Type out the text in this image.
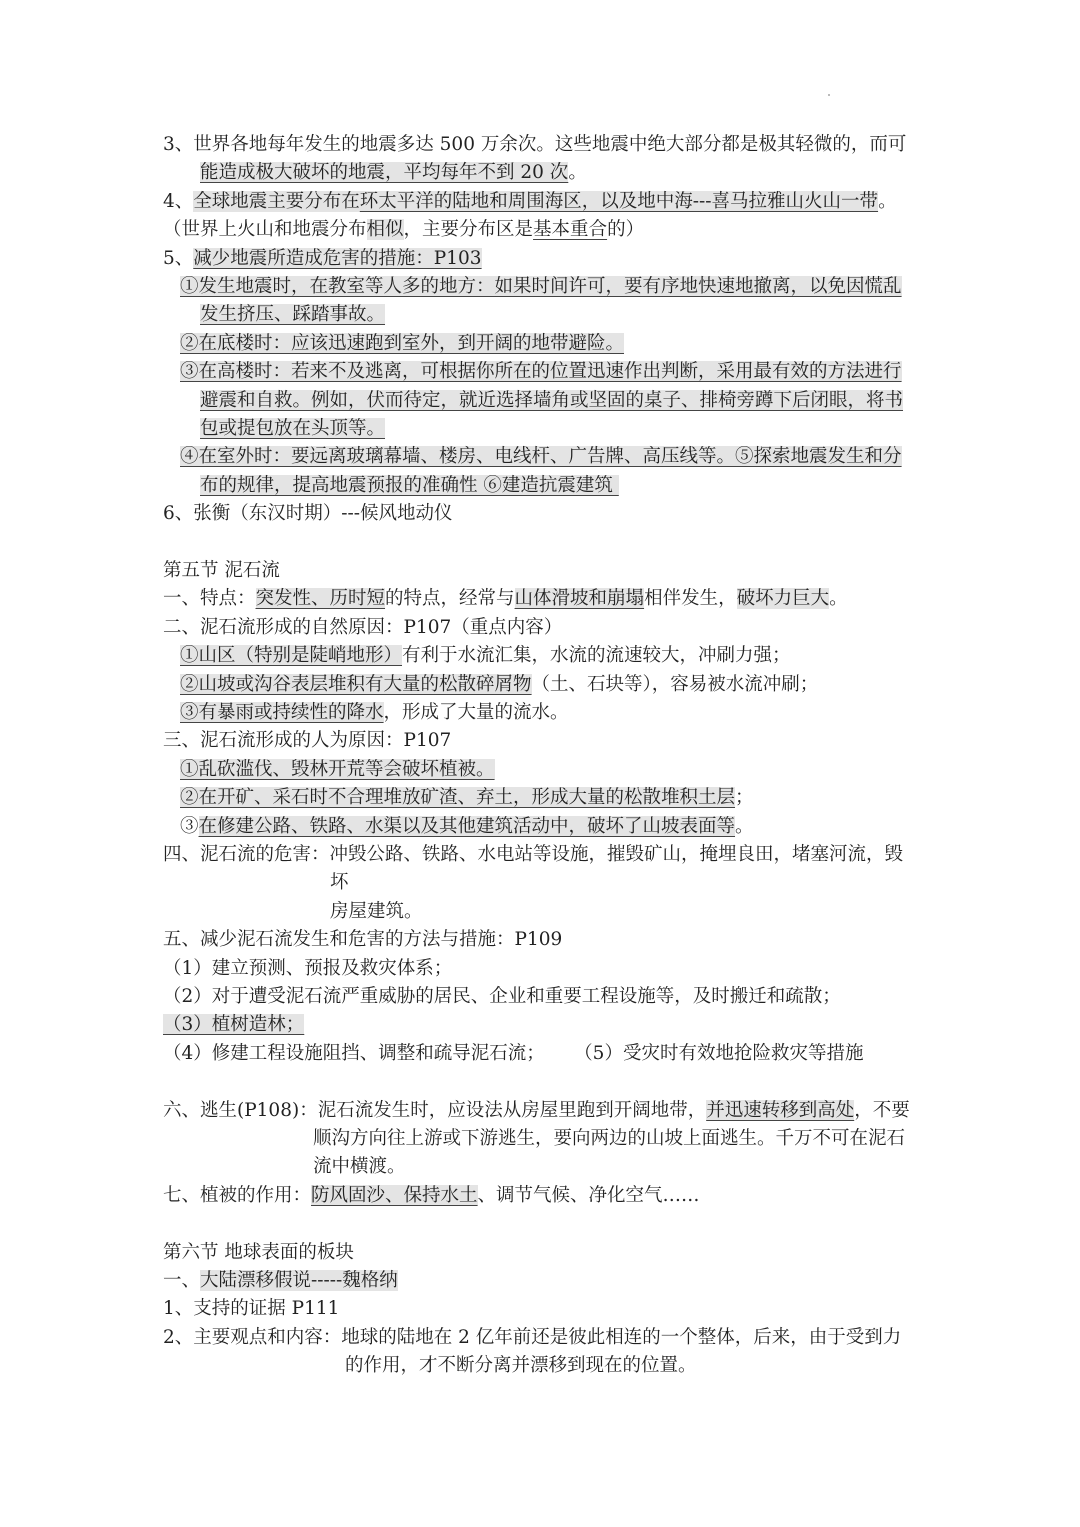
3、世界各地每年发生的地震多达 500 万余次。这些地震中绝大部分都是极其轻微的，而可
能造成极大破坏的地震，平均每年不到 20 次。
4、全球地震主要分布在环太平洋的陆地和周围海区，以及地中海---喜马拉雅山火山一带。
（世界上火山和地震分布相似，主要分布区是基本重合的）
5、减少地震所造成危害的措施：P103
①发生地震时，在教室等人多的地方：如果时间许可，要有序地快速地撤离，以免因慌乱
发生挤压、踩踏事故。
②在底楼时：应该迅速跑到室外，到开阔的地带避险。
③在高楼时：若来不及逃离，可根据你所在的位置迅速作出判断，采用最有效的方法进行
避震和自救。例如，伏而待定，就近选择墙角或坚固的桌子、排椅旁蹲下后闭眼，将书
包或提包放在头顶等。
④在室外时：要远离玻璃幕墙、楼房、电线杆、广告牌、高压线等。⑤探索地震发生和分
布的规律，提高地震预报的准确性 ⑥建造抗震建筑
6、张衡（东汉时期）---候风地动仪
第五节 泥石流
一、特点：突发性、历时短的特点，经常与山体滑坡和崩塌相伴发生，破坏力巨大。
二、泥石流形成的自然原因：P107（重点内容）
①山区（特别是陡峭地形）有利于水流汇集，水流的流速较大，冲刷力强；
②山坡或沟谷表层堆积有大量的松散碎屑物（土、石块等），容易被水流冲刷；
③有暴雨或持续性的降水，形成了大量的流水。
三、泥石流形成的人为原因：P107
①乱砍滥伐、毁林开荒等会破坏植被。
②在开矿、采石时不合理堆放矿渣、弃土，形成大量的松散堆积土层；
③在修建公路、铁路、水渠以及其他建筑活动中，破坏了山坡表面等。
四、泥石流的危害：冲毁公路、铁路、水电站等设施，摧毁矿山，掩埋良田，堵塞河流，毁
坏
房屋建筑。
五、减少泥石流发生和危害的方法与措施：P109
（1）建立预测、预报及救灾体系；
（2）对于遭受泥石流严重威胁的居民、企业和重要工程设施等，及时搬迁和疏散；
（3）植树造林；
（4）修建工程设施阻挡、调整和疏导泥石流；     （5）受灾时有效地抢险救灾等措施
六、逃生(P108)：泥石流发生时，应设法从房屋里跑到开阔地带，并迅速转移到高处，不要
顺沟方向往上游或下游逃生，要向两边的山坡上面逃生。千万不可在泥石
流中横渡。
七、植被的作用：防风固沙、保持水土、调节气候、净化空气……
第六节 地球表面的板块
一、大陆漂移假说-----魏格纳
1、支持的证据 P111
2、主要观点和内容：地球的陆地在 2 亿年前还是彼此相连的一个整体，后来，由于受到力
的作用，才不断分离并漂移到现在的位置。
